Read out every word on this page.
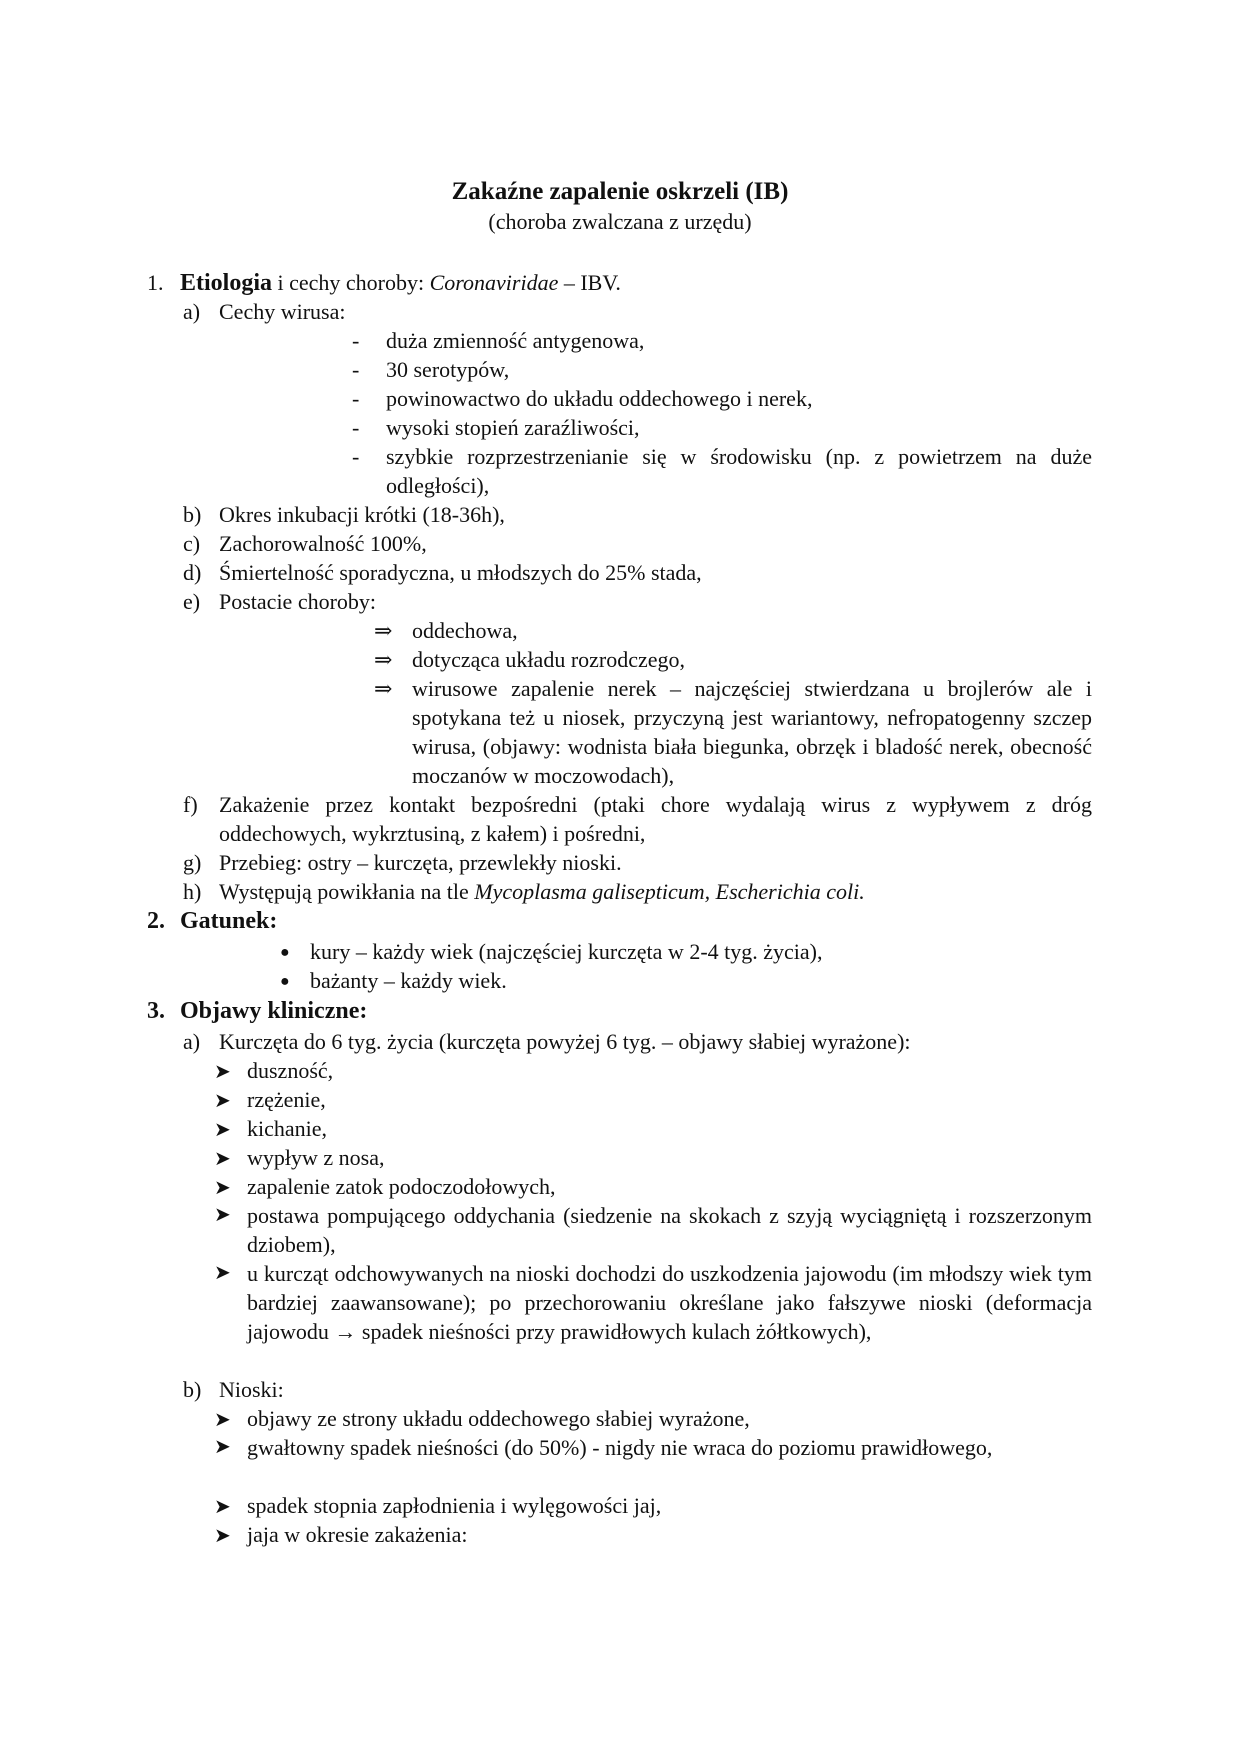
Zakaźne zapalenie oskrzeli (IB)
(choroba zwalczana z urzędu)
1. Etiologia i cechy choroby: Coronaviridae – IBV.
a) Cechy wirusa:
- duża zmienność antygenowa,
- 30 serotypów,
- powinowactwo do układu oddechowego i nerek,
- wysoki stopień zaraźliwości,
-	szybkie rozprzestrzenianie się w środowisku (np. z powietrzem na duże odległości),
b) Okres inkubacji krótki (18-36h),
c) Zachorowalność 100%,
d) Śmiertelność sporadyczna, u młodszych do 25% stada,
e) Postacie choroby:
⇒ oddechowa,
⇒ dotycząca układu rozrodczego,
⇒ wirusowe zapalenie nerek – najczęściej stwierdzana u brojlerów ale i spotykana też u niosek, przyczyną jest wariantowy, nefropatogenny szczep wirusa, (objawy: wodnista biała biegunka, obrzęk i bladość nerek, obecność moczanów w moczowodach),
f) Zakażenie przez kontakt bezpośredni (ptaki chore wydalają wirus z wypływem z dróg oddechowych, wykrztusiną, z kałem) i pośredni,
g) Przebieg: ostry – kurczęta, przewlekły nioski.
h) Występują powikłania na tle Mycoplasma galisepticum, Escherichia coli.
2. Gatunek:
● kury – każdy wiek (najczęściej kurczęta w 2-4 tyg. życia),
● bażanty – każdy wiek.
3. Objawy kliniczne:
a) Kurczęta do 6 tyg. życia (kurczęta powyżej 6 tyg. – objawy słabiej wyrażone):
➤ duszność,
➤ rzężenie,
➤ kichanie,
➤ wypływ z nosa,
➤ zapalenie zatok podoczodołowych,
➤ postawa pompującego oddychania (siedzenie na skokach z szyją wyciągniętą i rozszerzonym dziobem),
➤ u kurcząt odchowywanych na nioski dochodzi do uszkodzenia jajowodu (im młodszy wiek tym bardziej zaawansowane); po przechorowaniu określane jako fałszywe nioski (deformacja jajowodu → spadek nieśności przy prawidłowych kulach żółtkowych),
b) Nioski:
➤ objawy ze strony układu oddechowego słabiej wyrażone,
➤ gwałtowny spadek nieśności (do 50%) - nigdy nie wraca do poziomu prawidłowego,
➤ spadek stopnia zapłodnienia i wylęgowości jaj,
➤ jaja w okresie zakażenia:
